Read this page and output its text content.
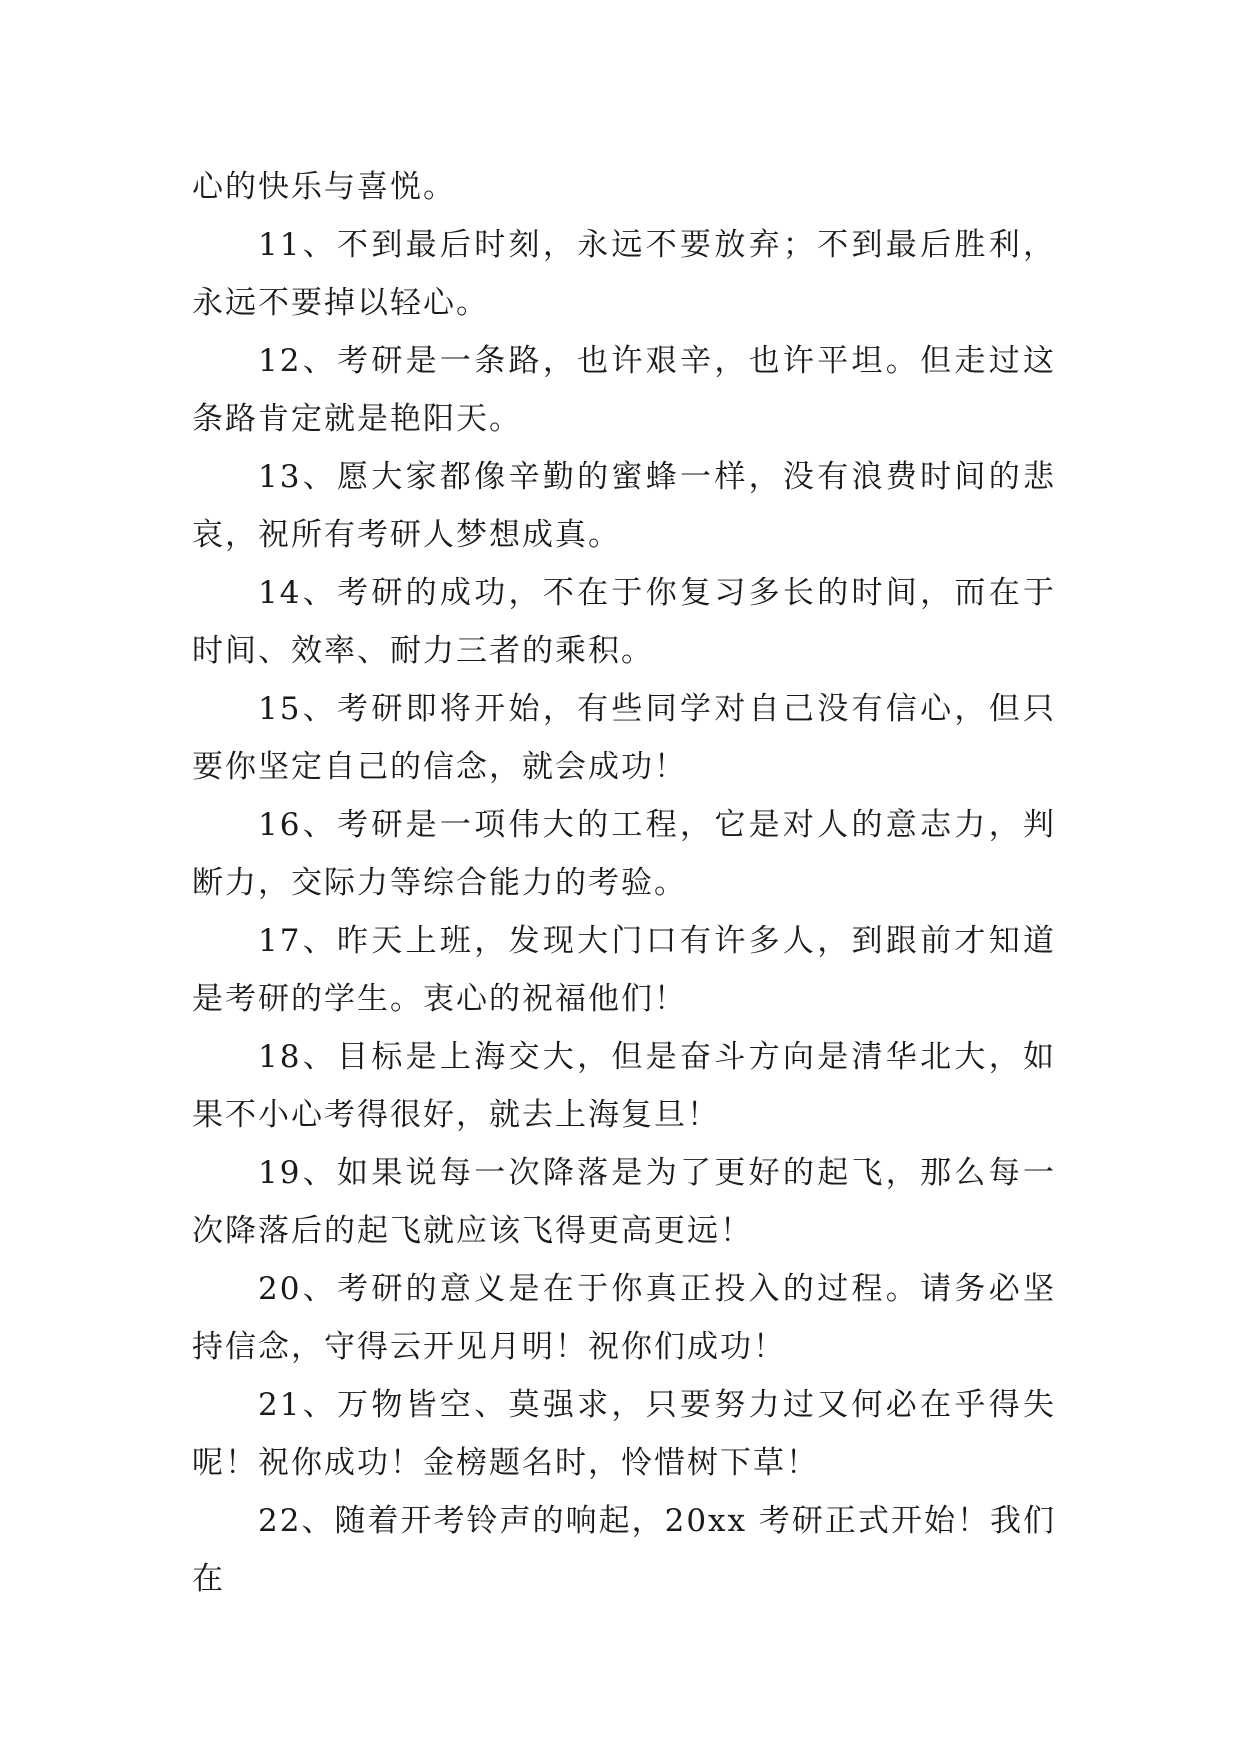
心的快乐与喜悦。

11、不到最后时刻，永远不要放弃；不到最后胜利，永远不要掉以轻心。

12、考研是一条路，也许艰辛，也许平坦。但走过这条路肯定就是艳阳天。

13、愿大家都像辛勤的蜜蜂一样，没有浪费时间的悲哀，祝所有考研人梦想成真。

14、考研的成功，不在于你复习多长的时间，而在于时间、效率、耐力三者的乘积。

15、考研即将开始，有些同学对自己没有信心，但只要你坚定自己的信念，就会成功！

16、考研是一项伟大的工程，它是对人的意志力，判断力，交际力等综合能力的考验。

17、昨天上班，发现大门口有许多人，到跟前才知道是考研的学生。衷心的祝福他们！

18、目标是上海交大，但是奋斗方向是清华北大，如果不小心考得很好，就去上海复旦！

19、如果说每一次降落是为了更好的起飞，那么每一次降落后的起飞就应该飞得更高更远！

20、考研的意义是在于你真正投入的过程。请务必坚持信念，守得云开见月明！祝你们成功！

21、万物皆空、莫强求，只要努力过又何必在乎得失呢！祝你成功！金榜题名时，怜惜树下草！

22、随着开考铃声的响起，20xx 考研正式开始！我们在
